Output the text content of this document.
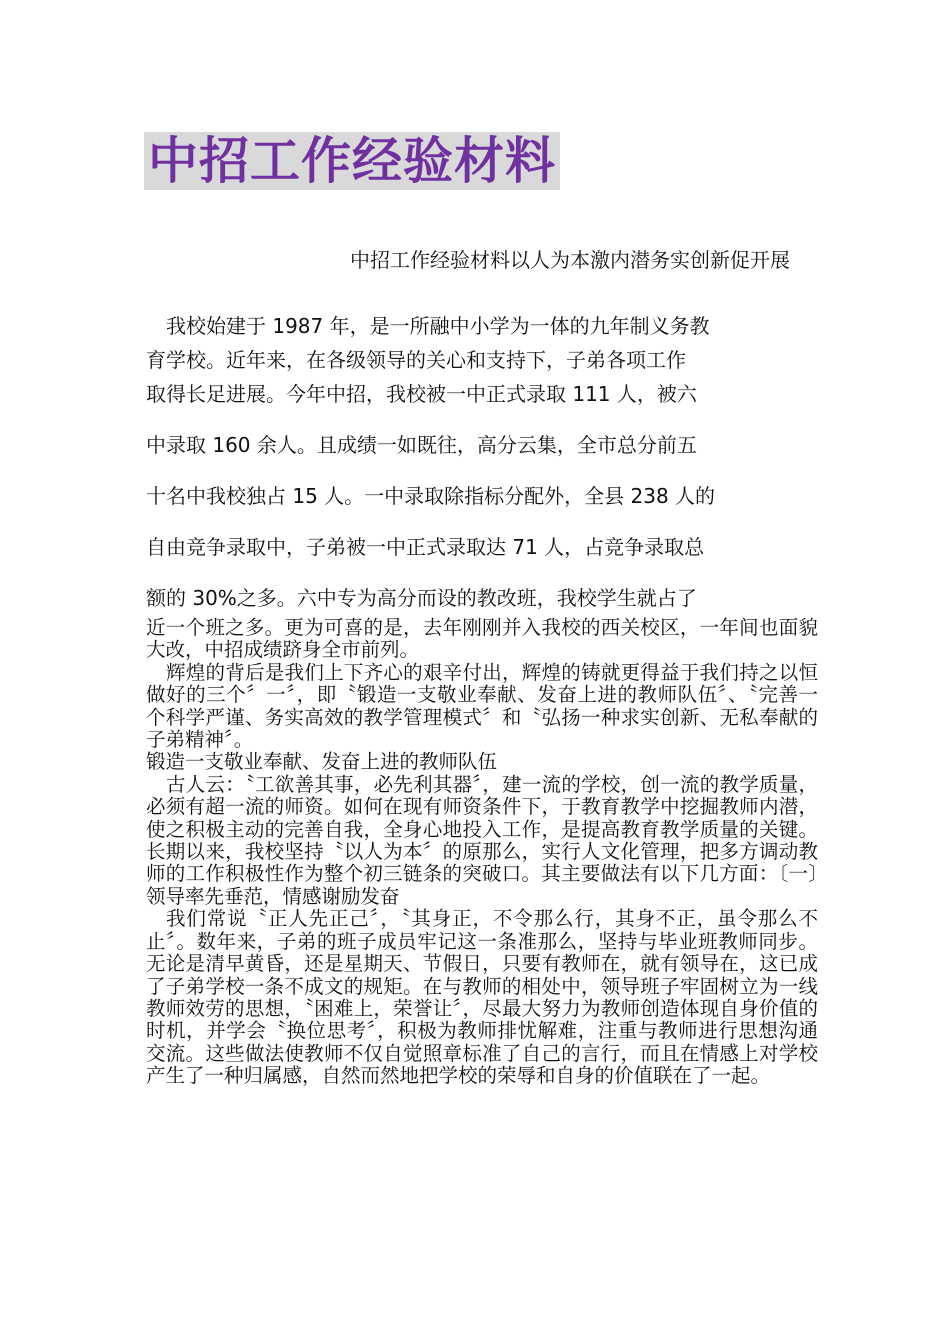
中招工作经验材料
中招工作经验材料以人为本激内潜务实创新促开展
我校始建于 1987 年，是一所融中小学为一体的九年制义务教
育学校。近年来，在各级领导的关心和支持下，子弟各项工作
取得长足进展。今年中招，我校被一中正式录取 111 人，被六
中录取 160 余人。且成绩一如既往，高分云集，全市总分前五
十名中我校独占 15 人。一中录取除指标分配外，全县 238 人的
自由竞争录取中，子弟被一中正式录取达 71 人，占竞争录取总
额的 30%之多。六中专为高分而设的教改班，我校学生就占了

近一个班之多。更为可喜的是，去年刚刚并入我校的西关校区，一年间也面貌大改，中招成绩跻身全市前列。

辉煌的背后是我们上下齐心的艰辛付出，辉煌的铸就更得益于我们持之以恒做好的三个〞一〞，即〝锻造一支敬业奉献、发奋上进的教师队伍〞、〝完善一个科学严谨、务实高效的教学管理模式〞和〝弘扬一种求实创新、无私奉献的子弟精神〞。

锻造一支敬业奉献、发奋上进的教师队伍

古人云：〝工欲善其事，必先利其器〞，建一流的学校，创一流的教学质量，必须有超一流的师资。如何在现有师资条件下，于教育教学中挖掘教师内潜，使之积极主动的完善自我，全身心地投入工作，是提高教育教学质量的关键。长期以来，我校坚持〝以人为本〞的原那么，实行人文化管理，把多方调动教师的工作积极性作为整个初三链条的突破口。其主要做法有以下几方面：〔一〕领导率先垂范，情感谢励发奋

我们常说〝正人先正己〞，〝其身正，不令那么行，其身不正，虽令那么不止〞。数年来，子弟的班子成员牢记这一条准那么，坚持与毕业班教师同步。无论是清早黄昏，还是星期天、节假日，只要有教师在，就有领导在，这已成了子弟学校一条不成文的规矩。在与教师的相处中，领导班子牢固树立为一线教师效劳的思想，〝困难上，荣誉让〞，尽最大努力为教师创造体现自身价值的时机，并学会〝换位思考〞，积极为教师排忧解难，注重与教师进行思想沟通交流。这些做法使教师不仅自觉照章标准了自己的言行，而且在情感上对学校产生了一种归属感，自然而然地把学校的荣辱和自身的价值联在了一起。
